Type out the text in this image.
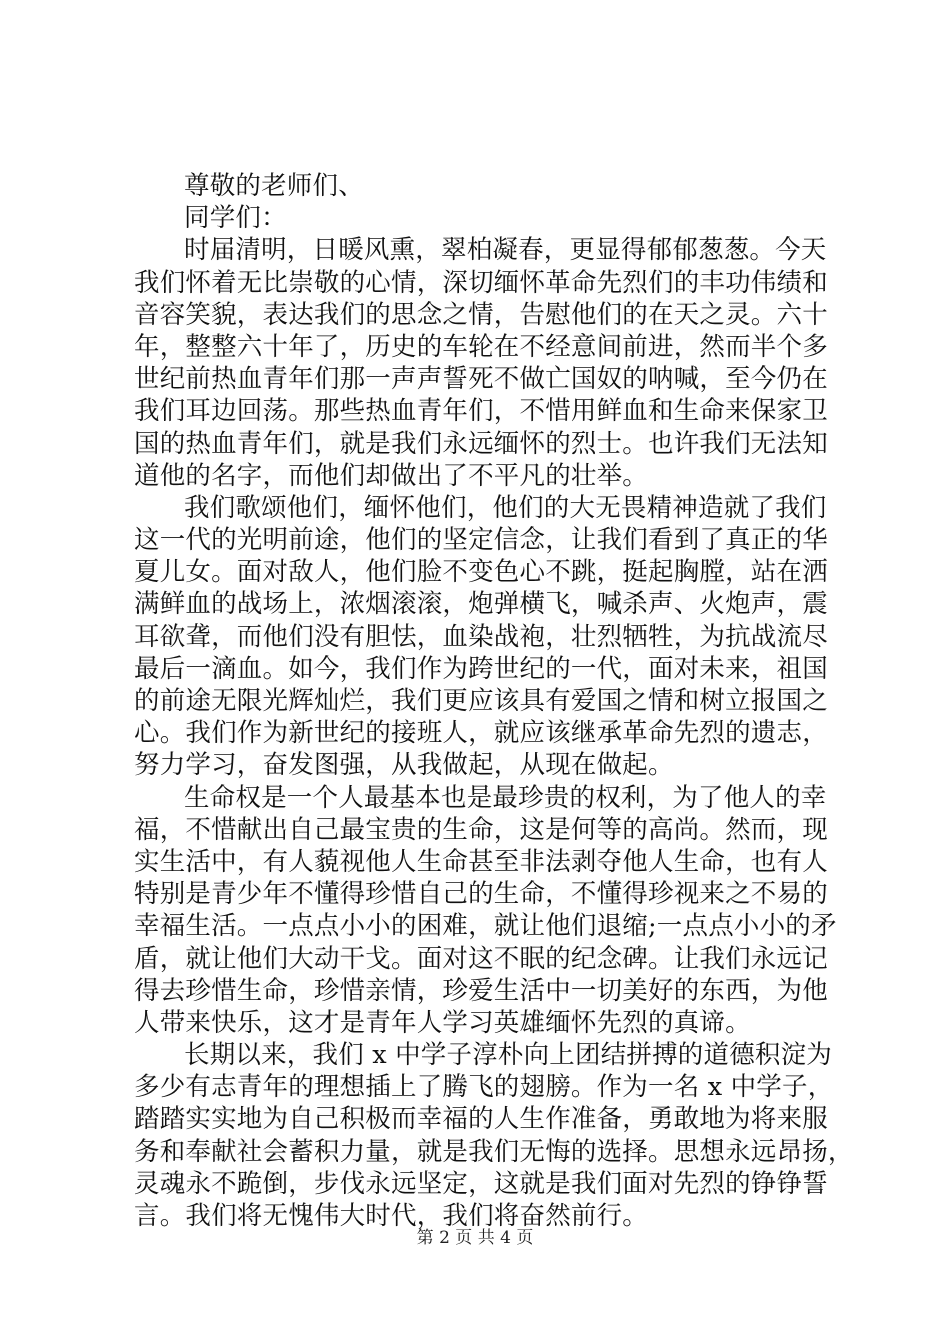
尊敬的老师们、
同学们：
时届清明，日暖风熏，翠柏凝春，更显得郁郁葱葱。今天
我们怀着无比崇敬的心情，深切缅怀革命先烈们的丰功伟绩和
音容笑貌，表达我们的思念之情，告慰他们的在天之灵。六十
年，整整六十年了，历史的车轮在不经意间前进，然而半个多
世纪前热血青年们那一声声誓死不做亡国奴的呐喊，至今仍在
我们耳边回荡。那些热血青年们，不惜用鲜血和生命来保家卫
国的热血青年们，就是我们永远缅怀的烈士。也许我们无法知
道他的名字，而他们却做出了不平凡的壮举。
我们歌颂他们，缅怀他们，他们的大无畏精神造就了我们
这一代的光明前途，他们的坚定信念，让我们看到了真正的华
夏儿女。面对敌人，他们脸不变色心不跳，挺起胸膛，站在洒
满鲜血的战场上，浓烟滚滚，炮弹横飞，喊杀声、火炮声，震
耳欲聋，而他们没有胆怯，血染战袍，壮烈牺牲，为抗战流尽
最后一滴血。如今，我们作为跨世纪的一代，面对未来，祖国
的前途无限光辉灿烂，我们更应该具有爱国之情和树立报国之
心。我们作为新世纪的接班人，就应该继承革命先烈的遗志，
努力学习，奋发图强，从我做起，从现在做起。
生命权是一个人最基本也是最珍贵的权利，为了他人的幸
福，不惜献出自己最宝贵的生命，这是何等的高尚。然而，现
实生活中，有人藐视他人生命甚至非法剥夺他人生命，也有人
特别是青少年不懂得珍惜自己的生命，不懂得珍视来之不易的
幸福生活。一点点小小的困难，就让他们退缩;一点点小小的矛
盾，就让他们大动干戈。面对这不眠的纪念碑。让我们永远记
得去珍惜生命，珍惜亲情，珍爱生活中一切美好的东西，为他
人带来快乐，这才是青年人学习英雄缅怀先烈的真谛。
长期以来，我们 x 中学子淳朴向上团结拼搏的道德积淀为
多少有志青年的理想插上了腾飞的翅膀。作为一名 x 中学子，
踏踏实实地为自己积极而幸福的人生作准备，勇敢地为将来服
务和奉献社会蓄积力量，就是我们无悔的选择。思想永远昂扬，
灵魂永不跪倒，步伐永远坚定，这就是我们面对先烈的铮铮誓
言。我们将无愧伟大时代，我们将奋然前行。
第 2 页 共 4 页
